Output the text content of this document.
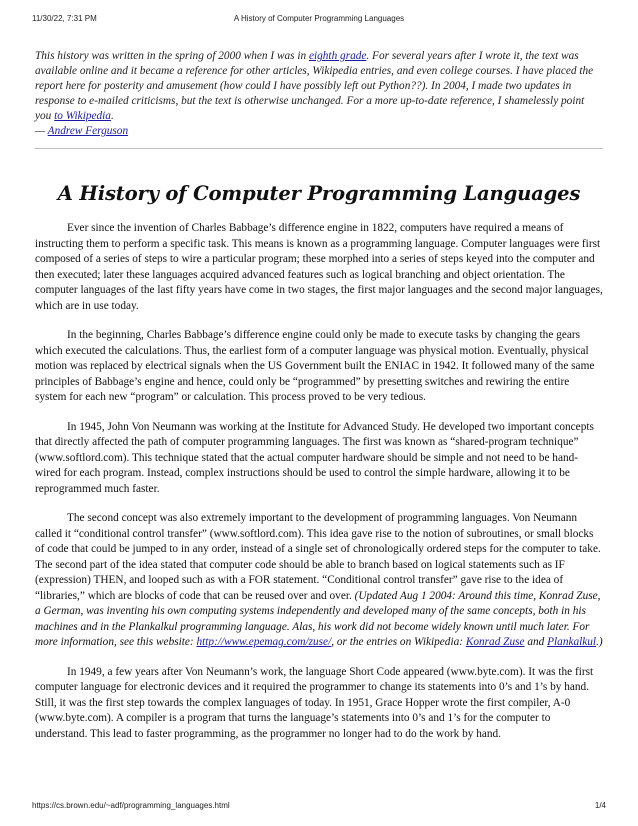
11/30/22, 7:31 PM	A History of Computer Programming Languages
This history was written in the spring of 2000 when I was in eighth grade. For several years after I wrote it, the text was available online and it became a reference for other articles, Wikipedia entries, and even college courses. I have placed the report here for posterity and amusement (how could I have possibly left out Python??). In 2004, I made two updates in response to e-mailed criticisms, but the text is otherwise unchanged. For a more up-to-date reference, I shamelessly point you to Wikipedia.
— Andrew Ferguson
A History of Computer Programming Languages

Ever since the invention of Charles Babbage’s difference engine in 1822, computers have required a means of instructing them to perform a specific task. This means is known as a programming language. Computer languages were first composed of a series of steps to wire a particular program; these morphed into a series of steps keyed into the computer and then executed; later these languages acquired advanced features such as logical branching and object orientation. The computer languages of the last fifty years have come in two stages, the first major languages and the second major languages, which are in use today.

In the beginning, Charles Babbage’s difference engine could only be made to execute tasks by changing the gears which executed the calculations. Thus, the earliest form of a computer language was physical motion. Eventually, physical motion was replaced by electrical signals when the US Government built the ENIAC in 1942. It followed many of the same principles of Babbage’s engine and hence, could only be “programmed” by presetting switches and rewiring the entire system for each new “program” or calculation. This process proved to be very tedious.

In 1945, John Von Neumann was working at the Institute for Advanced Study. He developed two important concepts that directly affected the path of computer programming languages. The first was known as “shared-program technique” (www.softlord.com). This technique stated that the actual computer hardware should be simple and not need to be hand-wired for each program. Instead, complex instructions should be used to control the simple hardware, allowing it to be reprogrammed much faster.

The second concept was also extremely important to the development of programming languages. Von Neumann called it “conditional control transfer” (www.softlord.com). This idea gave rise to the notion of subroutines, or small blocks of code that could be jumped to in any order, instead of a single set of chronologically ordered steps for the computer to take. The second part of the idea stated that computer code should be able to branch based on logical statements such as IF (expression) THEN, and looped such as with a FOR statement. “Conditional control transfer” gave rise to the idea of “libraries,” which are blocks of code that can be reused over and over. (Updated Aug 1 2004: Around this time, Konrad Zuse, a German, was inventing his own computing systems independently and developed many of the same concepts, both in his machines and in the Plankalkul programming language. Alas, his work did not become widely known until much later. For more information, see this website: http://www.epemag.com/zuse/, or the entries on Wikipedia: Konrad Zuse and Plankalkul.)

In 1949, a few years after Von Neumann’s work, the language Short Code appeared (www.byte.com). It was the first computer language for electronic devices and it required the programmer to change its statements into 0’s and 1’s by hand. Still, it was the first step towards the complex languages of today. In 1951, Grace Hopper wrote the first compiler, A-0 (www.byte.com). A compiler is a program that turns the language’s statements into 0’s and 1’s for the computer to understand. This lead to faster programming, as the programmer no longer had to do the work by hand.

https://cs.brown.edu/~adf/programming_languages.html	1/4
